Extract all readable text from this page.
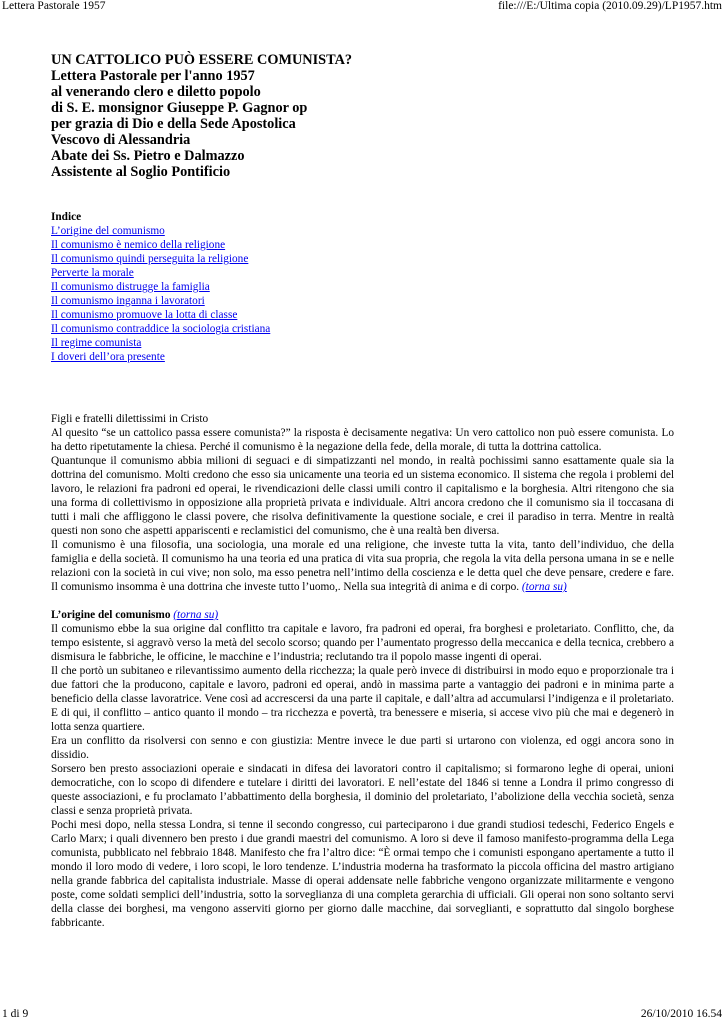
Lettera Pastorale 1957	file:///E:/Ultima copia (2010.09.29)/LP1957.htm
UN CATTOLICO PUÒ ESSERE COMUNISTA?
Lettera Pastorale per l'anno 1957
al venerando clero e diletto popolo
di S. E. monsignor Giuseppe P. Gagnor op
per grazia di Dio e della Sede Apostolica
Vescovo di Alessandria
Abate dei Ss. Pietro e Dalmazzo
Assistente al Soglio Pontificio
Indice
L’origine del comunismo
Il comunismo è nemico della religione
Il comunismo quindi perseguita la religione
Perverte la morale
Il comunismo distrugge la famiglia
Il comunismo inganna i lavoratori
Il comunismo promuove la lotta di classe
Il comunismo contraddice la sociologia cristiana
Il regime comunista
I doveri dell’ora presente

Figli e fratelli dilettissimi in Cristo

Al quesito “se un cattolico passa essere comunista?” la risposta è decisamente negativa: Un vero cattolico non può essere comunista. Lo ha detto ripetutamente la chiesa. Perché il comunismo è la negazione della fede, della morale, di tutta la dottrina cattolica.

Quantunque il comunismo abbia milioni di seguaci e di simpatizzanti nel mondo, in realtà pochissimi sanno esattamente quale sia la dottrina del comunismo. Molti credono che esso sia unicamente una teoria ed un sistema economico. Il sistema che regola i problemi del lavoro, le relazioni fra padroni ed operai, le rivendicazioni delle classi umili contro il capitalismo e la borghesia. Altri ritengono che sia una forma di collettivismo in opposizione alla proprietà privata e individuale. Altri ancora credono che il comunismo sia il toccasana di tutti i mali che affliggono le classi povere, che risolva definitivamente la questione sociale, e crei il paradiso in terra. Mentre in realtà questi non sono che aspetti appariscenti e reclamistici del comunismo, che è una realtà ben diversa.

Il comunismo è una filosofia, una sociologia, una morale ed una religione, che investe tutta la vita, tanto dell’individuo, che della famiglia e della società. Il comunismo ha una teoria ed una pratica di vita sua propria, che regola la vita della persona umana in se e nelle relazioni con la società in cui vive; non solo, ma esso penetra nell’intimo della coscienza e le detta quel che deve pensare, credere e fare. Il comunismo insomma è una dottrina che investe tutto l’uomo,. Nella sua integrità di anima e di corpo. (torna su)

L’origine del comunismo (torna su)

Il comunismo ebbe la sua origine dal conflitto tra capitale e lavoro, fra padroni ed operai, fra borghesi e proletariato. Conflitto, che, da tempo esistente, si aggravò verso la metà del secolo scorso; quando per l’aumentato progresso della meccanica e della tecnica, crebbero a dismisura le fabbriche, le officine, le macchine e l’industria; reclutando tra il popolo masse ingenti di operai.

Il che portò un subitaneo e rilevantissimo aumento della ricchezza; la quale però invece di distribuirsi in modo equo e proporzionale tra i due fattori che la producono, capitale e lavoro, padroni ed operai, andò in massima parte a vantaggio dei padroni e in minima parte a beneficio della classe lavoratrice. Vene così ad accrescersi da una parte il capitale, e dall’altra ad accumularsi l’indigenza e il proletariato. E di qui, il conflitto – antico quanto il mondo – tra ricchezza e povertà, tra benessere e miseria, si accese vivo più che mai e degenerò in lotta senza quartiere.

Era un conflitto da risolversi con senno e con giustizia: Mentre invece le due parti si urtarono con violenza, ed oggi ancora sono in dissidio.

Sorsero ben presto associazioni operaie e sindacati in difesa dei lavoratori contro il capitalismo; si formarono leghe di operai, unioni democratiche, con lo scopo di difendere e tutelare i diritti dei lavoratori. E nell’estate del 1846 si tenne a Londra il primo congresso di queste associazioni, e fu proclamato l’abbattimento della borghesia, il dominio del proletariato, l’abolizione della vecchia società, senza classi e senza proprietà privata.

Pochi mesi dopo, nella stessa Londra, si tenne il secondo congresso, cui parteciparono i due grandi studiosi tedeschi, Federico Engels e Carlo Marx; i quali divennero ben presto i due grandi maestri del comunismo. A loro si deve il famoso manifesto-programma della Lega comunista, pubblicato nel febbraio 1848. Manifesto che fra l’altro dice: “È ormai tempo che i comunisti espongano apertamente a tutto il mondo il loro modo di vedere, i loro scopi, le loro tendenze. L’industria moderna ha trasformato la piccola officina del mastro artigiano nella grande fabbrica del capitalista industriale. Masse di operai addensate nelle fabbriche vengono organizzate militarmente e vengono poste, come soldati semplici dell’industria, sotto la sorveglianza di una completa gerarchia di ufficiali. Gli operai non sono soltanto servi della classe dei borghesi, ma vengono asserviti giorno per giorno dalle macchine, dai sorveglianti, e soprattutto dal singolo borghese fabbricante.

1 di 9	26/10/2010 16.54
